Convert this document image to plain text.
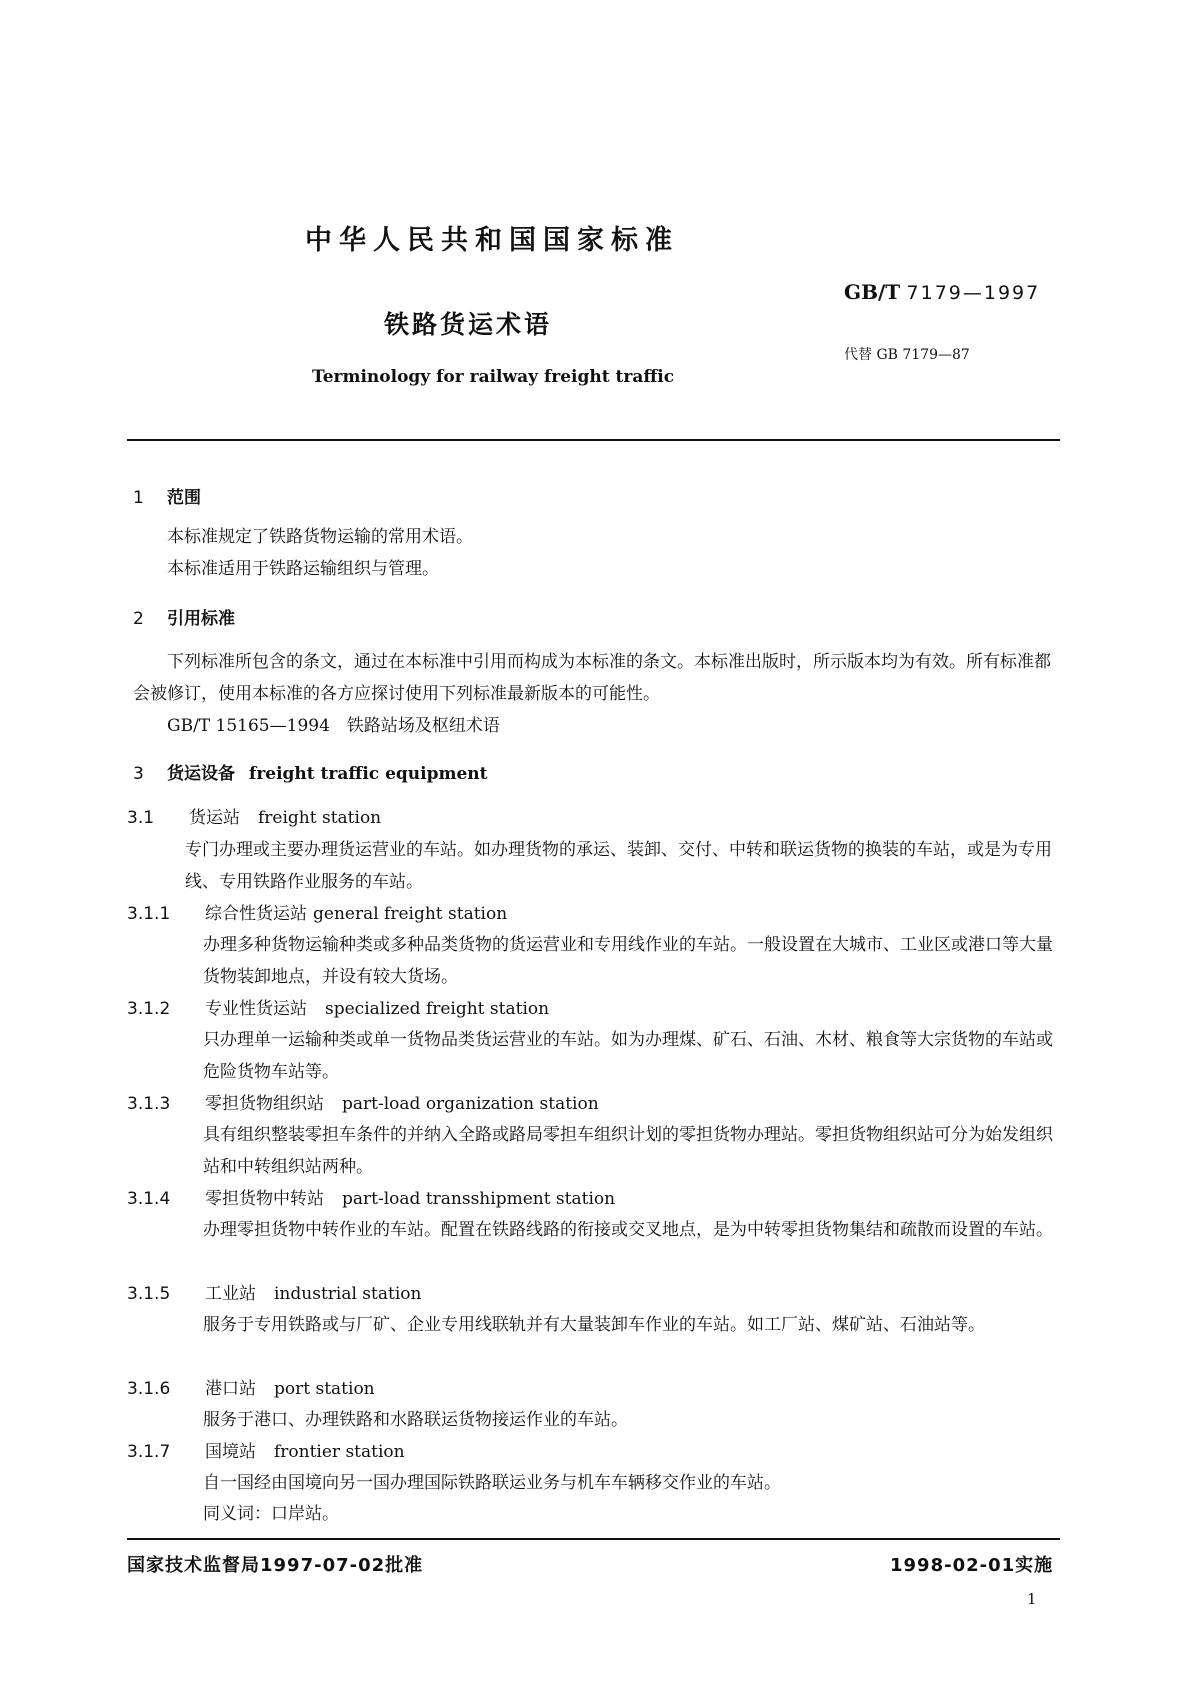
中华人民共和国国家标准
GB/T 7179—1997
铁路货运术语
代替 GB 7179—87
Terminology for railway freight traffic
1 范围
本标准规定了铁路货物运输的常用术语。
本标准适用于铁路运输组织与管理。
2 引用标准
下列标准所包含的条文，通过在本标准中引用而构成为本标准的条文。本标准出版时，所示版本均为有效。所有标准都会被修订，使用本标准的各方应探讨使用下列标准最新版本的可能性。
GB/T 15165—1994　铁路站场及枢纽术语
3 货运设备 freight traffic equipment
3.1 货运站 freight station
专门办理或主要办理货运营业的车站。如办理货物的承运、装卸、交付、中转和联运货物的换装的车站，或是为专用线、专用铁路作业服务的车站。
3.1.1 综合性货运站 general freight station
办理多种货物运输种类或多种品类货物的货运营业和专用线作业的车站。一般设置在大城市、工业区或港口等大量货物装卸地点，并设有较大货场。
3.1.2 专业性货运站 specialized freight station
只办理单一运输种类或单一货物品类货运营业的车站。如为办理煤、矿石、石油、木材、粮食等大宗货物的车站或危险货物车站等。
3.1.3 零担货物组织站 part-load organization station
具有组织整装零担车条件的并纳入全路或路局零担车组织计划的零担货物办理站。零担货物组织站可分为始发组织站和中转组织站两种。
3.1.4 零担货物中转站 part-load transshipment station
办理零担货物中转作业的车站。配置在铁路线路的衔接或交叉地点，是为中转零担货物集结和疏散而设置的车站。
3.1.5 工业站 industrial station
服务于专用铁路或与厂矿、企业专用线联轨并有大量装卸车作业的车站。如工厂站、煤矿站、石油站等。
3.1.6 港口站 port station
服务于港口、办理铁路和水路联运货物接运作业的车站。
3.1.7 国境站 frontier station
自一国经由国境向另一国办理国际铁路联运业务与机车车辆移交作业的车站。
同义词：口岸站。
国家技术监督局1997-07-02批准	1998-02-01实施
1
